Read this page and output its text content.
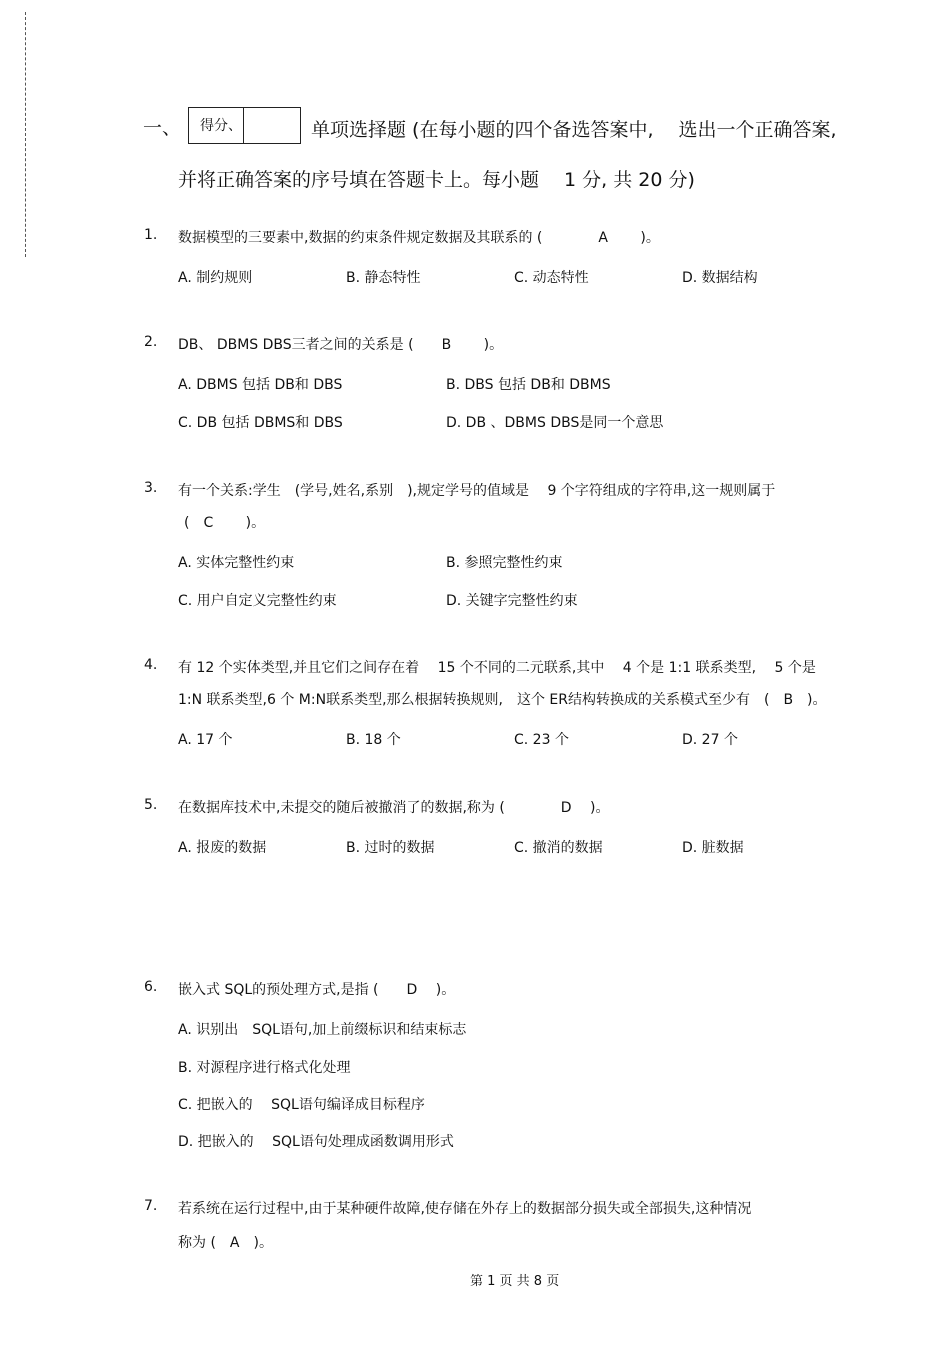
一、	得分、	单项选择题 (在每小题的四个备选答案中,　 选出一个正确答案,
并将正确答案的序号填在答题卡上。每小题　 1 分, 共 20 分)
1. 数据模型的三要素中,数据的约束条件规定数据及其联系的 (　　　　A　　 )。
A. 制约规则	B. 静态特性	C. 动态特性	D. 数据结构
2. DB、 DBMS DBS三者之间的关系是 (　　B　　 )。
A. DBMS 包括 DB和 DBS	B. DBS 包括 DB和 DBMS
C. DB 包括 DBMS和 DBS	D. DB 、DBMS DBS是同一个意思
3. 有一个关系:学生　(学号,姓名,系别　),规定学号的值域是　 9 个字符组成的字符串,这一规则属于
(　C　　 )。
A. 实体完整性约束	B. 参照完整性约束
C. 用户自定义完整性约束	D. 关键字完整性约束
4. 有 12 个实体类型,并且它们之间存在着　 15 个不同的二元联系,其中　 4 个是 1:1 联系类型,　 5 个是
1:N 联系类型,6 个 M:N联系类型,那么根据转换规则,　这个 ER结构转换成的关系模式至少有　(　B　)。
A. 17 个	B. 18 个	C. 23 个	D. 27 个
5. 在数据库技术中,未提交的随后被撤消了的数据,称为 (　　　　D　 )。
A. 报废的数据	B. 过时的数据	C. 撤消的数据	D. 脏数据
6. 嵌入式 SQL的预处理方式,是指 (　　D　 )。
A. 识别出　SQL语句,加上前缀标识和结束标志
B. 对源程序进行格式化处理
C. 把嵌入的　 SQL语句编译成目标程序
D. 把嵌入的　 SQL语句处理成函数调用形式
7. 若系统在运行过程中,由于某种硬件故障,使存储在外存上的数据部分损失或全部损失,这种情况
称为 (　A　)。
第 1 页 共 8 页
